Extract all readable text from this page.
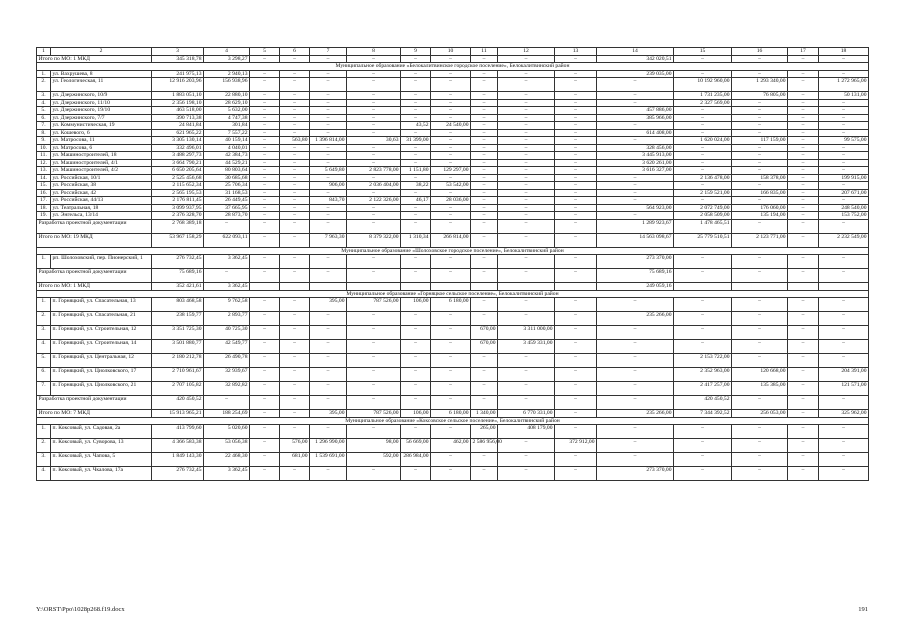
1	2	3	4	5	6	7	8	9	10	11	12	13	14	15	16	17	18
Итого по МО: 1 МКД		345 318,78	3 298,27	–	–	–	–	–	–	–	–	–	342 020,51	–	–	–	–
Муниципальное образование «Белокалитвинское городское поселение», Белокалитвинский район																	
1.	ул. Вахрушева, 8	241 975,13	2 940,13	–	–	–	–	–	–	–	–	–	239 035,00	–	–	–	–
2.	ул. Геологическая, 11	12 916 203,96	156 938,96	–	–	–	–	–	–	–	–	–	–	10 192 960,00	1 293 340,00	–	1 272 965,00
3.	ул. Дзержинского, 10/9	1 883 051,10	22 880,10	–	–	–	–	–	–	–	–	–	–	1 731 235,00	76 805,00	–	50 131,00
4.	ул. Дзержинского, 11/10	2 356 198,10	28 629,10	–	–	–	–	–	–	–	–	–	–	2 327 569,00	–	–	–
5.	ул. Дзержинского, 19/10	463 518,00	5 632,00	–	–	–	–	–	–	–	–	–	457 886,00	–	–	–	–
6.	ул. Дзержинского, 7/7	390 713,38	4 747,38	–	–	–	–	–	–	–	–	–	385 966,00	–	–	–	–
7.	ул. Коммунистическая, 19	24 841,84	301,84	–	–	–	–	43,52	24 540,00	–	–	–	–	–	–	–	–
8.	ул. Кошевого, 6	621 965,22	7 557,22	–	–	–	–	–	–	–	–	–	614 408,00	–	–	–	–
9.	ул. Матросова, 11	3 305 130,14	40 159,14	–	563,80	1 396 814,00	30,63	31 399,00	–	–	–	–	–	1 620 024,00	117 159,00	–	99 575,00
10.	ул. Матросова, 6	332 496,01	4 040,01	–	–	–	–	–	–	–	–	–	328 456,00	–	–	–	–
11.	ул. Машиностроителей, 18	3 488 297,73	42 384,73	–	–	–	–	–	–	–	–	–	3 445 913,00	–	–	–	–
12.	ул. Машиностроителей, 4/1	3 664 790,21	44 529,21	–	–	–	–	–	–	–	–	–	3 620 261,00	–	–	–	–
13.	ул. Машиностроителей, 4/2	6 650 205,64	80 803,64	–	–	5 649,80	2 823 778,00	1 151,80	129 297,00	–	–	–	3 616 327,00	–	–	–	–
14.	ул. Российская, 10/1	2 525 456,68	30 685,68	–	–	–	–	–	–	–	–	–	–	2 136 478,00	158 378,00	–	199 915,00
15.	ул. Российская, 38	2 115 652,34	25 706,34	–	–	906,00	2 036 404,00	38,22	53 542,00	–	–	–	–	–	–	–	–
16.	ул. Российская, 42	2 565 195,53	31 168,53	–	–	–	–	–	–	–	–	–	–	2 159 521,00	166 835,00	–	207 671,00
17.	ул. Российская, 44/13	2 176 811,45	26 449,45	–	–	843,70	2 122 326,00	46,17	28 036,00	–	–	–	–	–	–	–	–
18.	ул. Театральная, 18	3 099 937,95	37 665,95	–	–	–	–	–	–	–	–	–	564 923,00	2 072 749,00	176 060,00	–	248 540,00
19.	ул. Энгельса, 13/14	2 376 328,70	28 873,70	–	–	–	–	–	–	–	–	–	–	2 058 509,00	135 194,00	–	153 752,00
Разработка проектной документации		2 768 389,18	–	–	–	–	–	–	–	–	–	–	1 289 923,67	1 478 465,51	–	–	–
Итого по МО: 19 МКД		53 967 158,29	622 093,11	–	–	7 963,30	8 379 322,00	1 310,34	266 814,00	–	–	–	14 563 098,67	25 779 510,51	2 123 771,00	–	2 232 549,00
Муниципальное образование «Шолоховское городское поселение», Белокалитвинский район																	
1.	рп. Шолоховский, пер. Пионерский, 1	276 732,45	3 362,45	–	–	–	–	–	–	–	–	–	273 370,00	–	–	–	–
Разработка проектной документации		75 689,16	–	–	–	–	–	–	–	–	–	–	75 689,16	–	–	–	–
Итого по МО: 1 МКД		352 421,61	3 362,45										249 059,16				
Муниципальное образование «Горняцкое сельское поселение», Белокалитвинский район																	
1.	п. Горняцкий, ул. Спасательная, 13	803 468,58	9 762,58	–	–	395,00	787 526,00	106,00	6 180,00	–	–	–	–	–	–	–	–
2.	п. Горняцкий, ул. Спасательная, 21	238 159,77	2 893,77	–	–	–	–	–	–	–	–	–	235 266,00	–	–	–	–
3.	п. Горняцкий, ул. Строительная, 12	3 351 725,30	40 725,30	–	–	–	–	–	–	670,00	3 311 000,00	–	–	–	–	–	–
4.	п. Горняцкий, ул. Строительная, 14	3 501 880,77	42 549,77	–	–	–	–	–	–	670,00	3 459 331,00	–	–	–	–	–	–
5.	п. Горняцкий, ул. Центральная, 12	2 180 212,78	26 490,78	–	–	–	–	–	–	–	–	–	–	2 153 722,00	–	–	–
6.	п. Горняцкий, ул. Циолковского, 17	2 710 961,67	32 939,67	–	–	–	–	–	–	–	–	–	–	2 352 963,00	120 668,00	–	204 391,00
7.	п. Горняцкий, ул. Циолковского, 21	2 707 105,82	32 892,82	–	–	–	–	–	–	–	–	–	–	2 417 257,00	135 385,00	–	121 571,00
Разработка проектной документации		420 450,52	–	–	–	–	–	–	–	–	–	–	–	420 450,52	–	–	–
Итого по МО: 7 МКД		15 913 965,21	188 254,69	–	–	395,00	787 526,00	106,00	6 180,00	1 340,00	6 770 331,00	–	235 266,00	7 344 392,52	256 053,00	–	325 962,00
Муниципальное образование «Коксовское сельское поселение», Белокалитвинский район																	
1.	п. Коксовый, ул. Садовая, 2а	413 799,60	5 020,60	–	–	–	–	–	–	265,00	408 179,00	–	–	–	–	–	–
2.	п. Коксовый, ул. Суворова, 13	4 366 583,38	53 056,38	–	576,00	1 296 990,00	98,00	56 669,00	462,00	2 586 956,00	–	372 912,00	–	–	–	–	–
3.	п. Коксовый, ул. Чапова, 5	1 849 143,30	22 468,30	–	681,00	1 539 691,00	592,00	286 984,00	–	–	–	–	–	–	–	–	–
4.	п. Коксовый, ул. Чкалова, 17а	276 732,45	3 362,45	–	–	–	–	–	–	–	–	–	273 370,00	–	–	–	–
Y:\ORST\Ppo\1028p268.f19.docx	191
